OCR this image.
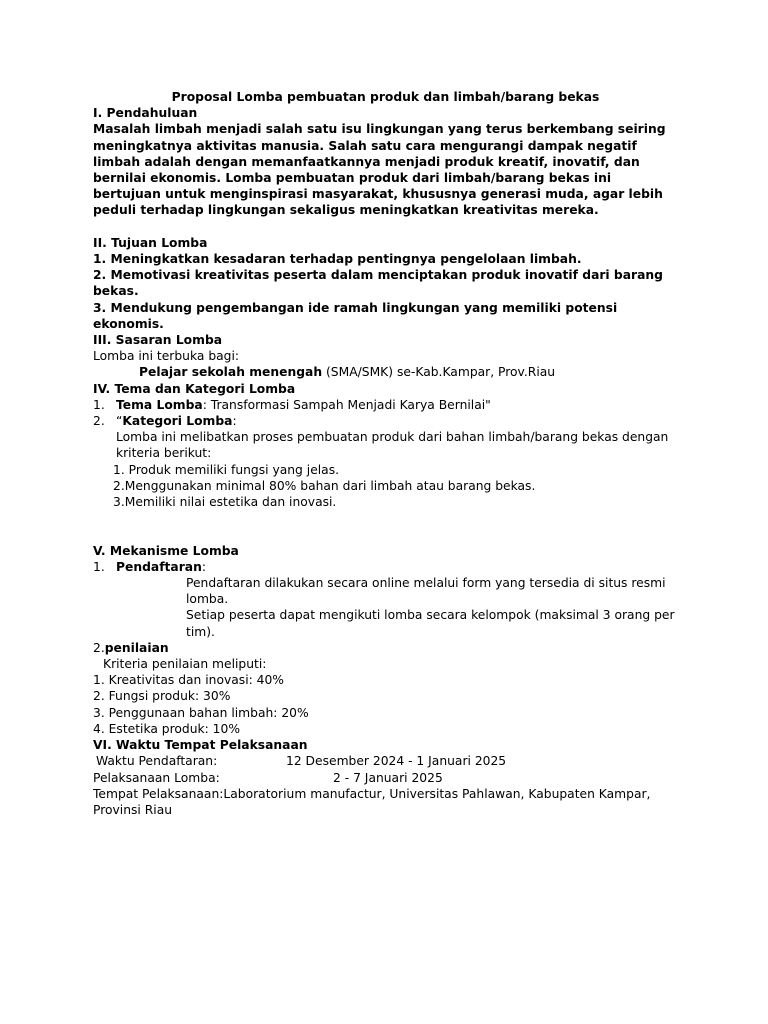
Proposal Lomba pembuatan produk dan limbah/barang bekas
I. Pendahuluan

Masalah limbah menjadi salah satu isu lingkungan yang terus berkembang seiring meningkatnya aktivitas manusia. Salah satu cara mengurangi dampak negatif limbah adalah dengan memanfaatkannya menjadi produk kreatif, inovatif, dan bernilai ekonomis. Lomba pembuatan produk dari limbah/barang bekas ini bertujuan untuk menginspirasi masyarakat, khususnya generasi muda, agar lebih peduli terhadap lingkungan sekaligus meningkatkan kreativitas mereka.

II. Tujuan Lomba
1. Meningkatkan kesadaran terhadap pentingnya pengelolaan limbah.
2. Memotivasi kreativitas peserta dalam menciptakan produk inovatif dari barang bekas.
3. Mendukung pengembangan ide ramah lingkungan yang memiliki potensi ekonomis.
III. Sasaran Lomba
Lomba ini terbuka bagi:
Pelajar sekolah menengah (SMA/SMK) se-Kab.Kampar, Prov.Riau
IV. Tema dan Kategori Lomba
1. Tema Lomba: Transformasi Sampah Menjadi Karya Bernilai"
2. “Kategori Lomba:
Lomba ini melibatkan proses pembuatan produk dari bahan limbah/barang bekas dengan kriteria berikut:
1. Produk memiliki fungsi yang jelas.
2.Menggunakan minimal 80% bahan dari limbah atau barang bekas.
3.Memiliki nilai estetika dan inovasi.
V. Mekanisme Lomba
1. Pendaftaran:
Pendaftaran dilakukan secara online melalui form yang tersedia di situs resmi lomba.
Setiap peserta dapat mengikuti lomba secara kelompok (maksimal 3 orang per tim).
2.penilaian
Kriteria penilaian meliputi:
1. Kreativitas dan inovasi: 40%
2. Fungsi produk: 30%
3. Penggunaan bahan limbah: 20%
4. Estetika produk: 10%
VI. Waktu Tempat Pelaksanaan
Waktu Pendaftaran:	12 Desember 2024 - 1 Januari 2025
Pelaksanaan Lomba:	2 - 7 Januari 2025
Tempat Pelaksanaan:Laboratorium manufactur, Universitas Pahlawan, Kabupaten Kampar, Provinsi Riau
